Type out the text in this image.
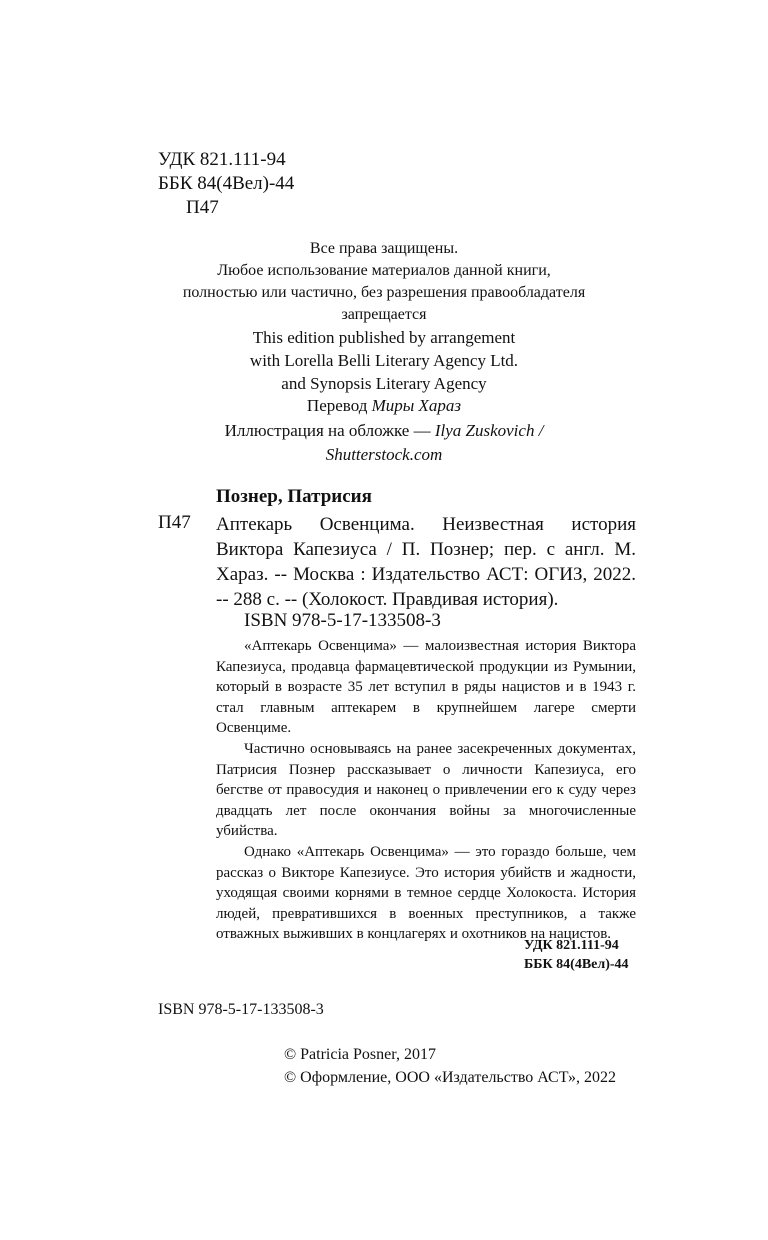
УДК 821.111-94
ББК 84(4Вел)-44
П47
Все права защищены.
Любое использование материалов данной книги,
полностью или частично, без разрешения правообладателя
запрещается
This edition published by arrangement
with Lorella Belli Literary Agency Ltd.
and Synopsis Literary Agency
Перевод Миры Хараз
Иллюстрация на обложке — Ilya Zuskovich /
Shutterstock.com
Познер, Патрисия
П47 Аптекарь Освенцима. Неизвестная история Виктора Капезиуса / П. Познер; пер. с англ. М. Хараз. -- Москва : Издательство АСТ: ОГИЗ, 2022. -- 288 с. -- (Холокост. Правдивая история).
ISBN 978-5-17-133508-3

«Аптекарь Освенцима» — малоизвестная история Виктора Капезиуса, продавца фармацевтической продукции из Румынии, который в возрасте 35 лет вступил в ряды нацистов и в 1943 г. стал главным аптекарем в крупнейшем лагере смерти Освенциме.

Частично основываясь на ранее засекреченных документах, Патрисия Познер рассказывает о личности Капезиуса, его бегстве от правосудия и наконец о привлечении его к суду через двадцать лет после окончания войны за многочисленные убийства.

Однако «Аптекарь Освенцима» — это гораздо больше, чем рассказ о Викторе Капезиусе. Это история убийств и жадности, уходящая своими корнями в темное сердце Холокоста. История людей, превратившихся в военных преступников, а также отважных выживших в концлагерях и охотников на нацистов.

УДК 821.111-94
ББК 84(4Вел)-44
ISBN 978-5-17-133508-3
© Patricia Posner, 2017
© Оформление, ООО «Издательство АСТ», 2022
